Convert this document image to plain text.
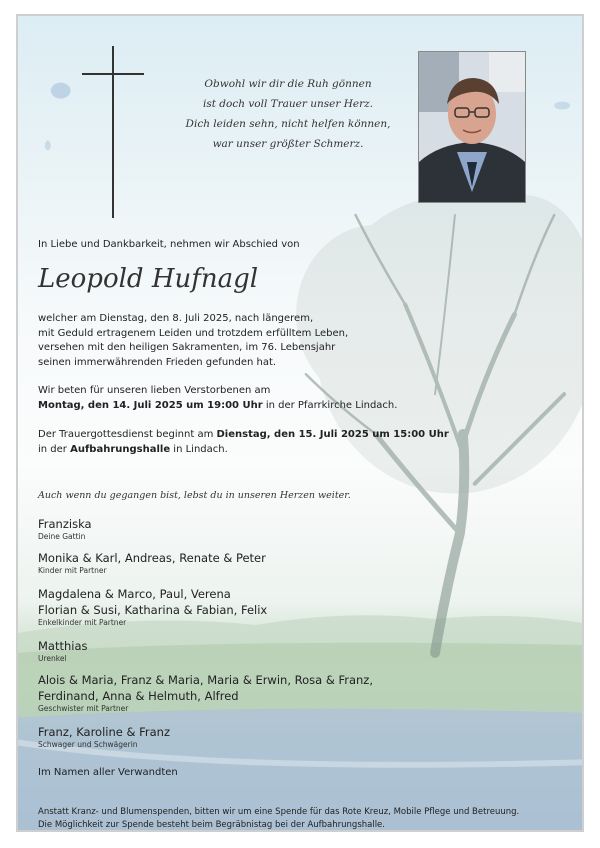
Obwohl wir dir die Ruh gönnen
ist doch voll Trauer unser Herz.
Dich leiden sehn, nicht helfen können,
war unser größter Schmerz.
In Liebe und Dankbarkeit, nehmen wir Abschied von
Leopold Hufnagl
welcher am Dienstag, den 8. Juli 2025, nach längerem,
mit Geduld ertragenem Leiden und trotzdem erfülltem Leben,
versehen mit den heiligen Sakramenten, im 76. Lebensjahr
seinen immerwährenden Frieden gefunden hat.
Wir beten für unseren lieben Verstorbenen am
Montag, den 14. Juli 2025 um 19:00 Uhr in der Pfarrkirche Lindach.
Der Trauergottesdienst beginnt am Dienstag, den 15. Juli 2025 um 15:00 Uhr
in der Aufbahrungshalle in Lindach.
Auch wenn du gegangen bist, lebst du in unseren Herzen weiter.
Franziska
Deine Gattin
Monika & Karl, Andreas, Renate & Peter
Kinder mit Partner
Magdalena & Marco, Paul, Verena
Florian & Susi, Katharina & Fabian, Felix
Enkelkinder mit Partner
Matthias
Urenkel
Alois & Maria, Franz & Maria, Maria & Erwin, Rosa & Franz,
Ferdinand, Anna & Helmuth, Alfred
Geschwister mit Partner
Franz, Karoline & Franz
Schwager und Schwägerin
Im Namen aller Verwandten
Anstatt Kranz- und Blumenspenden, bitten wir um eine Spende für das Rote Kreuz, Mobile Pflege und Betreuung.
Die Möglichkeit zur Spende besteht beim Begräbnistag bei der Aufbahrungshalle.
